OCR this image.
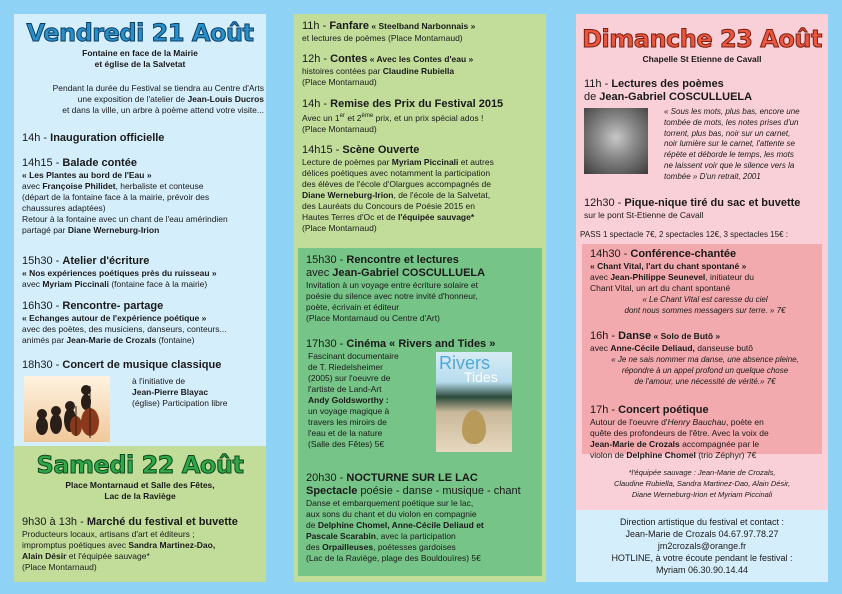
Vendredi 21 Août
Fontaine en face de la Mairie
et église de la Salvetat
Pendant la durée du Festival se tiendra au Centre d'Arts
une exposition de l'atelier de Jean-Louis Ducros
et dans la ville, un arbre à poème attend votre visite...
14h - Inauguration officielle
14h15 - Balade contée
« Les Plantes au bord de l'Eau »
avec Françoise Philidet, herbaliste et conteuse
(départ de la fontaine face à la mairie, prévoir des
chaussures adaptées)
Retour à la fontaine avec un chant de l'eau amérindien
partagé par Diane Werneburg-Irion
15h30 - Atelier d'écriture
« Nos expériences poétiques près du ruisseau »
avec Myriam Piccinali (fontaine face à la mairie)
16h30 - Rencontre- partage
« Echanges autour de l'expérience poétique »
avec des poètes, des musiciens, danseurs, conteurs...
animés par Jean-Marie de Crozals (fontaine)
18h30 - Concert de musique classique
à l'initiative de
Jean-Pierre Blayac
(église) Participation libre
Samedi 22 Août
Place Montarnaud et Salle des Fêtes,
Lac de la Raviège
9h30 à 13h - Marché du festival et buvette
Producteurs locaux, artisans d'art et éditeurs ;
impromptus poétiques avec Sandra Martinez-Dao,
Alain Désir et l'équipée sauvage*
(Place Montarnaud)
11h - Fanfare « Steelband Narbonnais »
et lectures de poèmes (Place Montarnaud)
12h - Contes « Avec les Contes d'eau »
histoires contées par Claudine Rubiella
(Place Montarnaud)
14h - Remise des Prix du Festival 2015
Avec un 1er et 2ème prix, et un prix spécial ados !
(Place Montarnaud)
14h15 - Scène Ouverte
Lecture de poèmes par Myriam Piccinali et autres
délices poétiques avec notamment la participation
des élèves de l'école d'Olargues accompagnés de
Diane Werneburg-Irion, de l'école de la Salvetat,
des Lauréats du Concours de Poésie 2015 en
Hautes Terres d'Oc et de l'équipée sauvage*
(Place Montarnaud)
15h30 - Rencontre et lectures
avec Jean-Gabriel COSCULLUELA
Invitation à un voyage entre écriture solaire et
poésie du silence avec notre invité d'honneur,
poète, écrivain et éditeur
(Place Montarnaud ou Centre d'Art)
17h30 - Cinéma « Rivers and Tides »
Fascinant documentaire
de T. Riedelsheimer
(2005) sur l'oeuvre de
l'artiste de Land-Art
Andy Goldsworthy :
un voyage magique à
travers les miroirs de
l'eau et de la nature
(Salle des Fêtes) 5€
Rivers
Tides
20h30 - NOCTURNE SUR LE LAC
Spectacle poésie - danse - musique - chant
Danse et embarquement poétique sur le lac,
aux sons du chant et du violon en compagnie
de Delphine Chomel, Anne-Cécile Deliaud et
Pascale Scarabin, avec la participation
des Orpailleuses, poétesses gardoises
(Lac de la Raviège, plage des Bouldouïres) 5€
Dimanche 23 Août
Chapelle St Etienne de Cavall
11h - Lectures des poèmes
de Jean-Gabriel COSCULLUELA
« Sous les mots, plus bas, encore une
tombée de mots, les notes prises d'un
torrent, plus bas, noir sur un carnet,
noir lumière sur le carnet, l'attente se
répète et déborde le temps, les mots
ne laissent voir que le silence vers la
tombée » D'un retrait, 2001
12h30 - Pique-nique tiré du sac et buvette
sur le pont St-Etienne de Cavall
PASS 1 spectacle 7€, 2 spectacles 12€, 3 spectacles 15€ :
14h30 - Conférence-chantée
« Chant Vital, l'art du chant spontané »
avec Jean-Philippe Seunevel, initiateur du
Chant Vital, un art du chant spontané
« Le Chant Vital est caresse du ciel
dont nous sommes messagers sur terre. » 7€
16h - Danse « Solo de Butô »
avec Anne-Cécile Deliaud, danseuse butô
« Je ne sais nommer ma danse, une absence pleine,
répondre à un appel profond un quelque chose
de l'amour, une nécessité de vérité.» 7€
17h - Concert poétique
Autour de l'oeuvre d'Henry Bauchau, poète en
quête des profondeurs de l'être. Avec la voix de
Jean-Marie de Crozals accompagnée par le
violon de Delphine Chomel (trio Zéphyr) 7€
*l'équipée sauvage : Jean-Marie de Crozals,
Claudine Rubiella, Sandra Martinez-Dao, Alain Désir,
Diane Werneburg-Irion et Myriam Piccinali
Direction artistique du festival et contact :
Jean-Marie de Crozals 04.67.97.78.27
jm2crozals@orange.fr
HOTLINE, à votre écoute pendant le festival :
Myriam 06.30.90.14.44
